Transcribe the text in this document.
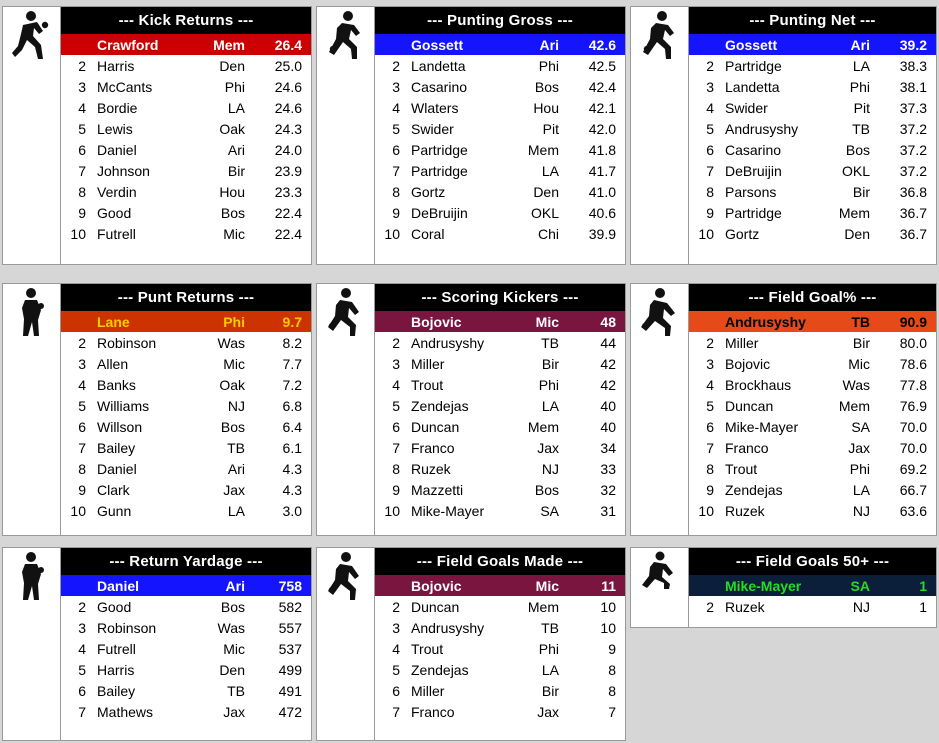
--- Kick Returns ---
Crawford	Mem	26.4
2 Harris	Den	25.0
3 McCants	Phi	24.6
4 Bordie	LA	24.6
5 Lewis	Oak	24.3
6 Daniel	Ari	24.0
7 Johnson	Bir	23.9
8 Verdin	Hou	23.3
9 Good	Bos	22.4
10 Futrell	Mic	22.4
--- Punting Gross ---
Gossett	Ari	42.6
2 Landetta	Phi	42.5
3 Casarino	Bos	42.4
4 Wlaters	Hou	42.1
5 Swider	Pit	42.0
6 Partridge	Mem	41.8
7 Partridge	LA	41.7
8 Gortz	Den	41.0
9 DeBruijin	OKL	40.6
10 Coral	Chi	39.9
--- Punting Net ---
Gossett	Ari	39.2
2 Partridge	LA	38.3
3 Landetta	Phi	38.1
4 Swider	Pit	37.3
5 Andrusyshy	TB	37.2
6 Casarino	Bos	37.2
7 DeBruijin	OKL	37.2
8 Parsons	Bir	36.8
9 Partridge	Mem	36.7
10 Gortz	Den	36.7
--- Punt Returns ---
Lane	Phi	9.7
2 Robinson	Was	8.2
3 Allen	Mic	7.7
4 Banks	Oak	7.2
5 Williams	NJ	6.8
6 Willson	Bos	6.4
7 Bailey	TB	6.1
8 Daniel	Ari	4.3
9 Clark	Jax	4.3
10 Gunn	LA	3.0
--- Scoring Kickers ---
Bojovic	Mic	48
2 Andrusyshy	TB	44
3 Miller	Bir	42
4 Trout	Phi	42
5 Zendejas	LA	40
6 Duncan	Mem	40
7 Franco	Jax	34
8 Ruzek	NJ	33
9 Mazzetti	Bos	32
10 Mike-Mayer	SA	31
--- Field Goal% ---
Andrusyshy	TB	90.9
2 Miller	Bir	80.0
3 Bojovic	Mic	78.6
4 Brockhaus	Was	77.8
5 Duncan	Mem	76.9
6 Mike-Mayer	SA	70.0
7 Franco	Jax	70.0
8 Trout	Phi	69.2
9 Zendejas	LA	66.7
10 Ruzek	NJ	63.6
--- Return Yardage ---
Daniel	Ari	758
2 Good	Bos	582
3 Robinson	Was	557
4 Futrell	Mic	537
5 Harris	Den	499
6 Bailey	TB	491
7 Mathews	Jax	472
--- Field Goals Made ---
Bojovic	Mic	11
2 Duncan	Mem	10
3 Andrusyshy	TB	10
4 Trout	Phi	9
5 Zendejas	LA	8
6 Miller	Bir	8
7 Franco	Jax	7
--- Field Goals 50+ ---
Mike-Mayer	SA	1
2 Ruzek	NJ	1
